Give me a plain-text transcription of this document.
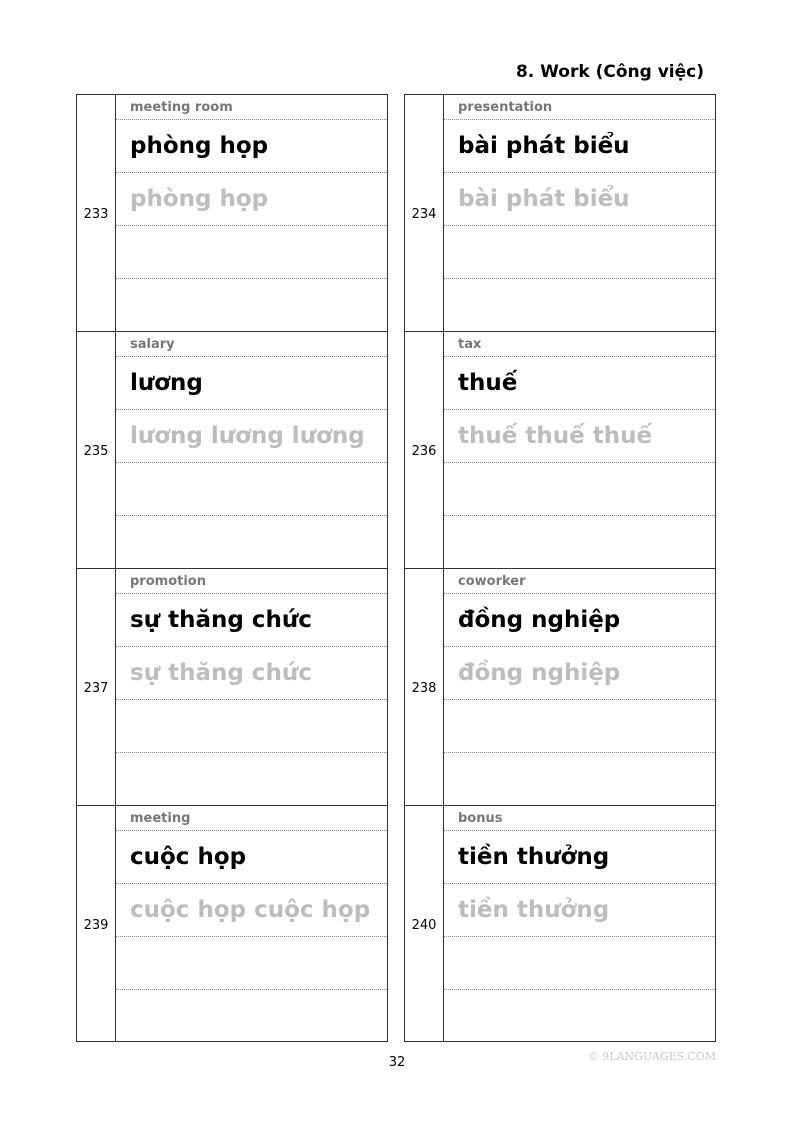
8. Work (Công việc)
233
meeting room
phòng họp
phòng họp
235
salary
lương
lương lương lương
237
promotion
sự thăng chức
sự thăng chức
239
meeting
cuộc họp
cuộc họp cuộc họp
234
presentation
bài phát biểu
bài phát biểu
236
tax
thuế
thuế thuế thuế
238
coworker
đồng nghiệp
đồng nghiệp
240
bonus
tiền thưởng
tiền thưởng
32	© 9LANGUAGES.COM
